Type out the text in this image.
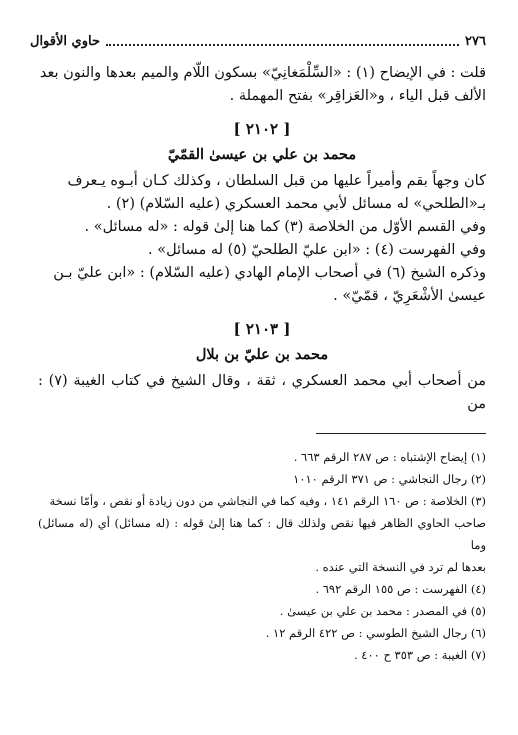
٢٧٦
حاوي الأقوال

قلت : في الإيضاح (١) : «السِّلْمَغانِيّ» بسكون اللّام والميم بعدها والنون بعد

الألف قبل الياء ، و«العَزاقِر» بفتح المهملة .

[ ٢١٠٢ ]
محمد بن علي بن عيسىٰ القمّيّ

كان وجهاً بقم وأميراً عليها من قبل السلطان ، وكذلك كـان أبـوه يـعرف

بـ«الطلحي» له مسائل لأبي محمد العسكري (عليه السّلام) (٢) .

وفي القسم الأوّل من الخلاصة (٣) كما هنا إلىٰ قوله : «له مسائل» .

وفي الفهرست (٤) : «ابن عليّ الطلحيّ (٥) له مسائل» .

وذكره الشيخ (٦) في أصحاب الإمام الهادي (عليه السّلام) : «ابن عليّ بـن

عيسىٰ الأشْعَرِيّ ، قمّيّ» .

[ ٢١٠٣ ]
محمد بن عليّ بن بلال

من أصحاب أبي محمد العسكري ، ثقة ، وقال الشيخ في كتاب الغيبة (٧) : من

(١) إيضاح الإشتباه : ص ٢٨٧ الرقم ٦٦٣ .

(٢) رجال النجاشي : ص ٣٧١ الرقم ١٠١٠

(٣) الخلاصة : ص ١٦٠ الرقم ١٤١ ، وفيه كما في النجاشي من دون زيادة أو نقص ، وأمّا نسخة

صاحب الحاوي الظاهر فيها نقص ولذلك قال : كما هنا إلىٰ قوله : (له مسائل) أي (له مسائل) وما

بعدها لم ترد في النسخة التي عنده .

(٤) الفهرست : ص ١٥٥ الرقم ٦٩٢ .

(٥) في المصدر : محمد بن علي بن عيسىٰ .

(٦) رجال الشيخ الطوسي : ص ٤٢٢ الرقم ١٢ .

(٧) الغيبة : ص ٣٥٣ ح ٤٠٠ .
